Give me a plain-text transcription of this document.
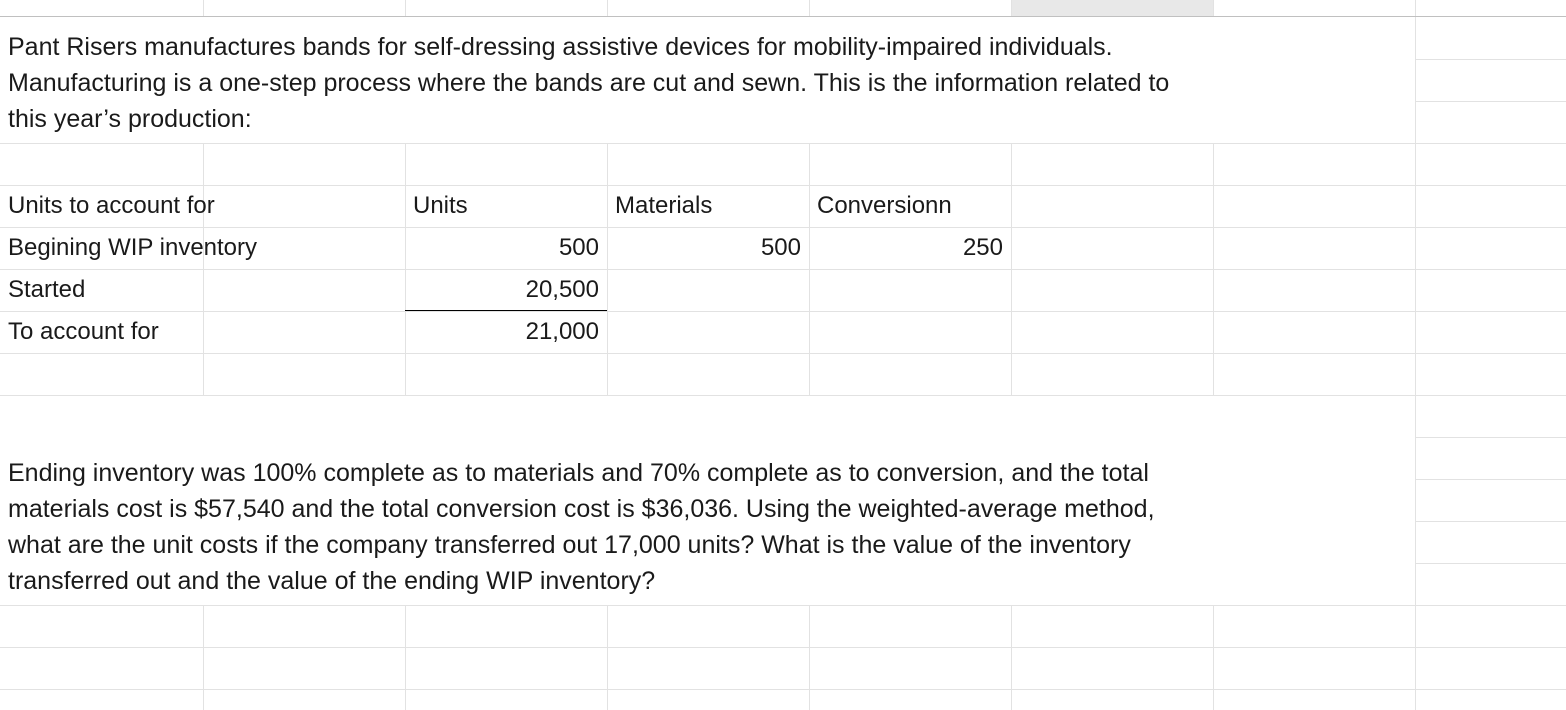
Pant Risers manufactures bands for self-dressing assistive devices for mobility-impaired individuals.

Manufacturing is a one-step process where the bands are cut and sewn. This is the information related to

this year’s production:

Units to account for	Units	Materials	Conversionn
Begining WIP inventory	500	500	250
Started	20,500
To account for	21,000

Ending inventory was 100% complete as to materials and 70% complete as to conversion, and the total

materials cost is $57,540 and the total conversion cost is $36,036. Using the weighted-average method,

what are the unit costs if the company transferred out 17,000 units? What is the value of the inventory

transferred out and the value of the ending WIP inventory?
